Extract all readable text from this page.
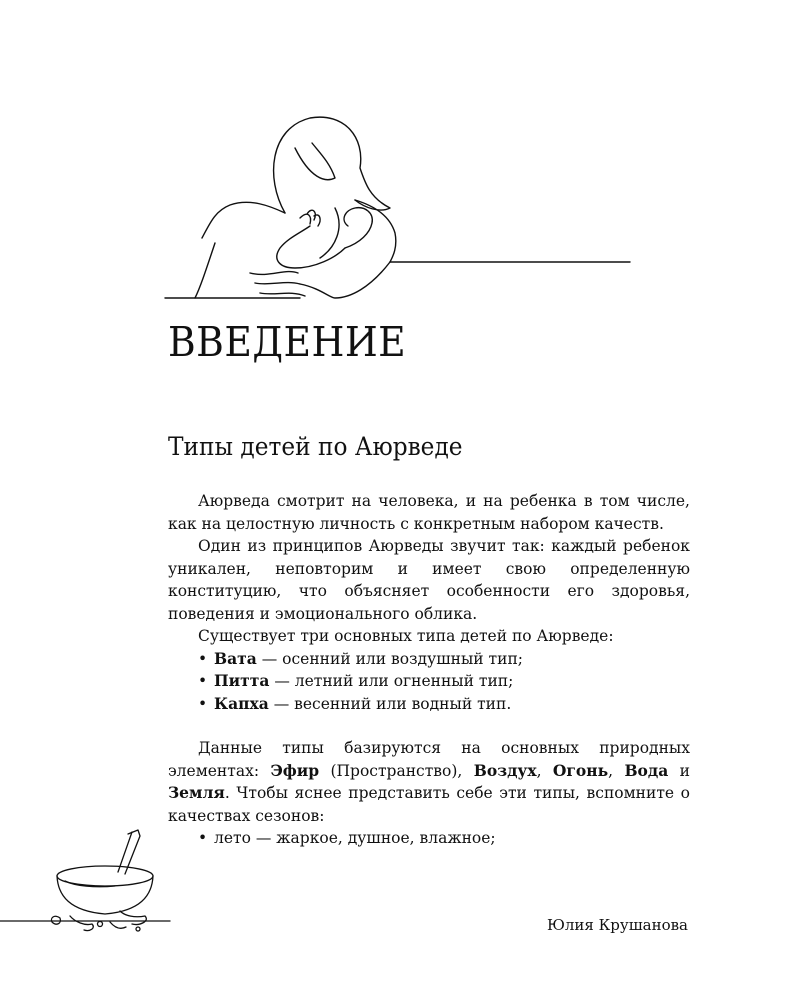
ВВЕДЕНИЕ
Типы детей по Аюрведе

Аюрведа смотрит на человека, и на ребенка в том числе, как на целостную личность с конкретным набором качеств.

Один из принципов Аюрведы звучит так: каждый ребенок уникален, неповторим и имеет свою определенную конституцию, что объясняет особенности его здоровья, поведения и эмоционального облика.

Существует три основных типа детей по Аюрведе:

• Вата — осенний или воздушный тип;
• Питта — летний или огненный тип;
• Капха — весенний или водный тип.

Данные типы базируются на основных природных элементах: Эфир (Пространство), Воздух, Огонь, Вода и Земля. Чтобы яснее представить себе эти типы, вспомните о качествах сезонов:

• лето — жаркое, душное, влажное;
Юлия Крушанова
